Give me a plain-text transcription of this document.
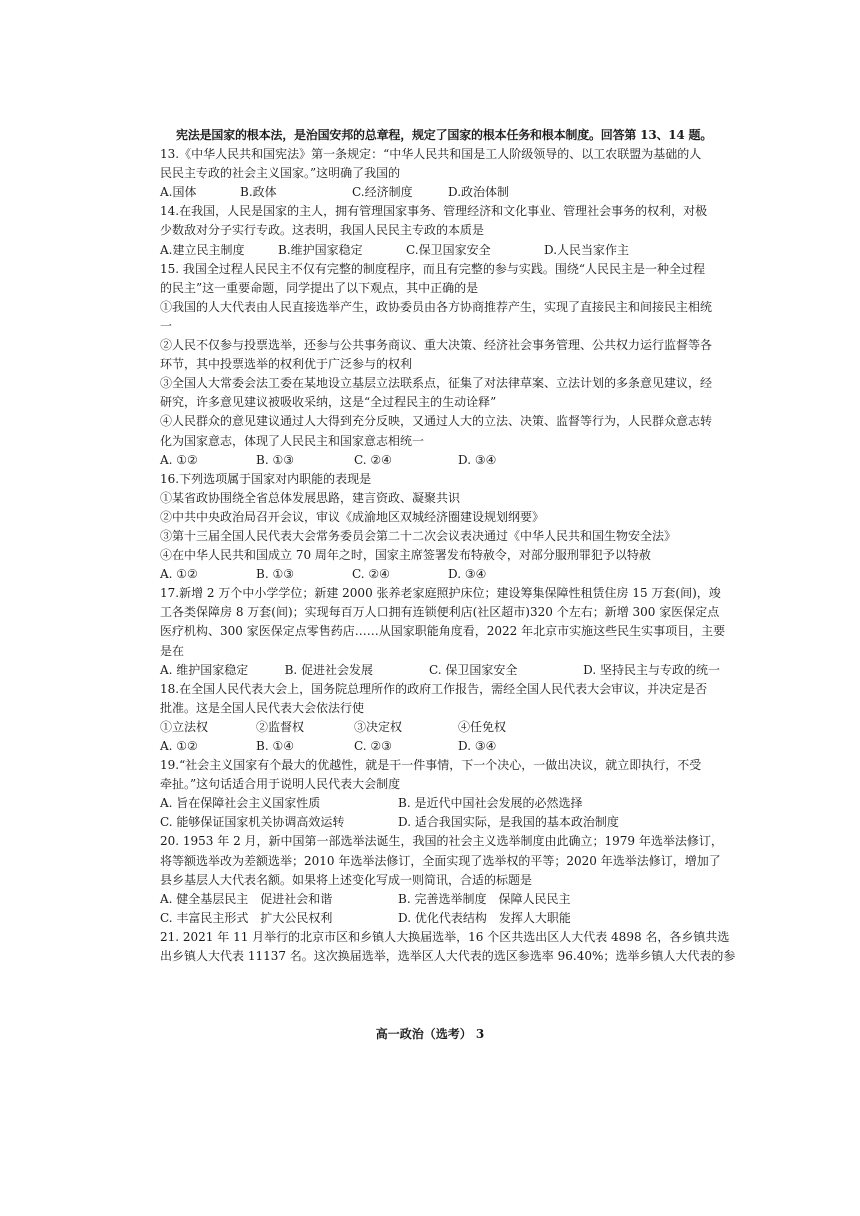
宪法是国家的根本法，是治国安邦的总章程，规定了国家的根本任务和根本制度。回答第 13、14 题。
13.《中华人民共和国宪法》第一条规定：“中华人民共和国是工人阶级领导的、以工农联盟为基础的人
民民主专政的社会主义国家。”这明确了我国的
A.国体	B.政体	C.经济制度	D.政治体制
14.在我国，人民是国家的主人，拥有管理国家事务、管理经济和文化事业、管理社会事务的权利，对极
少数敌对分子实行专政。这表明，我国人民民主专政的本质是
A.建立民主制度	B.维护国家稳定	C.保卫国家安全	D.人民当家作主
15. 我国全过程人民民主不仅有完整的制度程序，而且有完整的参与实践。围绕“人民民主是一种全过程
的民主”这一重要命题，同学提出了以下观点，其中正确的是
①我国的人大代表由人民直接选举产生，政协委员由各方协商推荐产生，实现了直接民主和间接民主相统
一
②人民不仅参与投票选举，还参与公共事务商议、重大决策、经济社会事务管理、公共权力运行监督等各
环节，其中投票选举的权利优于广泛参与的权利
③全国人大常委会法工委在某地设立基层立法联系点，征集了对法律草案、立法计划的多条意见建议，经
研究，许多意见建议被吸收采纳，这是“全过程民主的生动诠释”
④人民群众的意见建议通过人大得到充分反映，又通过人大的立法、决策、监督等行为，人民群众意志转
化为国家意志，体现了人民民主和国家意志相统一
A. ①②	B. ①③	C. ②④	D. ③④
16.下列选项属于国家对内职能的表现是
①某省政协围绕全省总体发展思路，建言资政、凝聚共识
②中共中央政治局召开会议，审议《成渝地区双城经济圈建设规划纲要》
③第十三届全国人民代表大会常务委员会第二十二次会议表决通过《中华人民共和国生物安全法》
④在中华人民共和国成立 70 周年之时，国家主席签署发布特赦令，对部分服刑罪犯予以特赦
A. ①②	B. ①③	C. ②④	D. ③④
17.新增 2 万个中小学学位；新建 2000 张养老家庭照护床位；建设筹集保障性租赁住房 15 万套(间)，竣
工各类保障房 8 万套(间)；实现每百万人口拥有连锁便利店(社区超市)320 个左右；新增 300 家医保定点
医疗机构、300 家医保定点零售药店……从国家职能角度看，2022 年北京市实施这些民生实事项目，主要
是在
A. 维护国家稳定	B. 促进社会发展	C. 保卫国家安全	D. 坚持民主与专政的统一
18.在全国人民代表大会上，国务院总理所作的政府工作报告，需经全国人民代表大会审议，并决定是否
批准。这是全国人民代表大会依法行使
①立法权	②监督权	③决定权	④任免权
A. ①②	B. ①④	C. ②③	D. ③④
19.“社会主义国家有个最大的优越性，就是干一件事情，下一个决心，一做出决议，就立即执行，不受
牵扯。”这句话适合用于说明人民代表大会制度
A. 旨在保障社会主义国家性质	B. 是近代中国社会发展的必然选择
C. 能够保证国家机关协调高效运转	D. 适合我国实际，是我国的基本政治制度
20. 1953 年 2 月，新中国第一部选举法诞生，我国的社会主义选举制度由此确立；1979 年选举法修订，
将等额选举改为差额选举；2010 年选举法修订，全面实现了选举权的平等；2020 年选举法修订，增加了
县乡基层人大代表名额。如果将上述变化写成一则简讯，合适的标题是
A. 健全基层民主　促进社会和谐	B. 完善选举制度　保障人民民主
C. 丰富民主形式　扩大公民权利	D. 优化代表结构　发挥人大职能
21. 2021 年 11 月举行的北京市区和乡镇人大换届选举，16 个区共选出区人大代表 4898 名，各乡镇共选
出乡镇人大代表 11137 名。这次换届选举，选举区人大代表的选区参选率 96.40%；选举乡镇人大代表的参
高一政治（选考） 3
